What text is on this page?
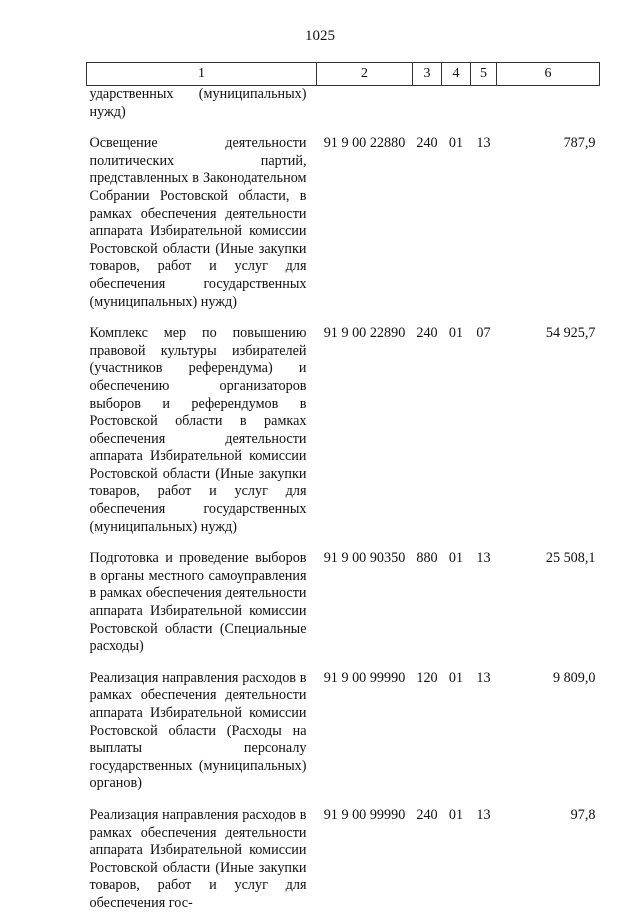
1025
1	2	3	4	5	6
ударственных (муниципальных) нужд)					
Освещение деятельности политических партий, представленных в Законодательном Собрании Ростовской области, в рамках обеспечения деятельности аппарата Избирательной комиссии Ростовской области (Иные закупки товаров, работ и услуг для обеспечения государственных (муниципальных) нужд)	91 9 00 22880	240	01	13	787,9
Комплекс мер по повышению правовой культуры избирателей (участников референдума) и обеспечению организаторов выборов и референдумов в Ростовской области в рамках обеспечения деятельности аппарата Избирательной комиссии Ростовской области (Иные закупки товаров, работ и услуг для обеспечения государственных (муниципальных) нужд)	91 9 00 22890	240	01	07	54 925,7
Подготовка и проведение выборов в органы местного самоуправления в рамках обеспечения деятельности аппарата Избирательной комиссии Ростовской области (Специальные расходы)	91 9 00 90350	880	01	13	25 508,1
Реализация направления расходов в рамках обеспечения деятельности аппарата Избирательной комиссии Ростовской области (Расходы на выплаты персоналу государственных (муниципальных) органов)	91 9 00 99990	120	01	13	9 809,0
Реализация направления расходов в рамках обеспечения деятельности аппарата Избирательной комиссии Ростовской области (Иные закупки товаров, работ и услуг для обеспечения гос-	91 9 00 99990	240	01	13	97,8
